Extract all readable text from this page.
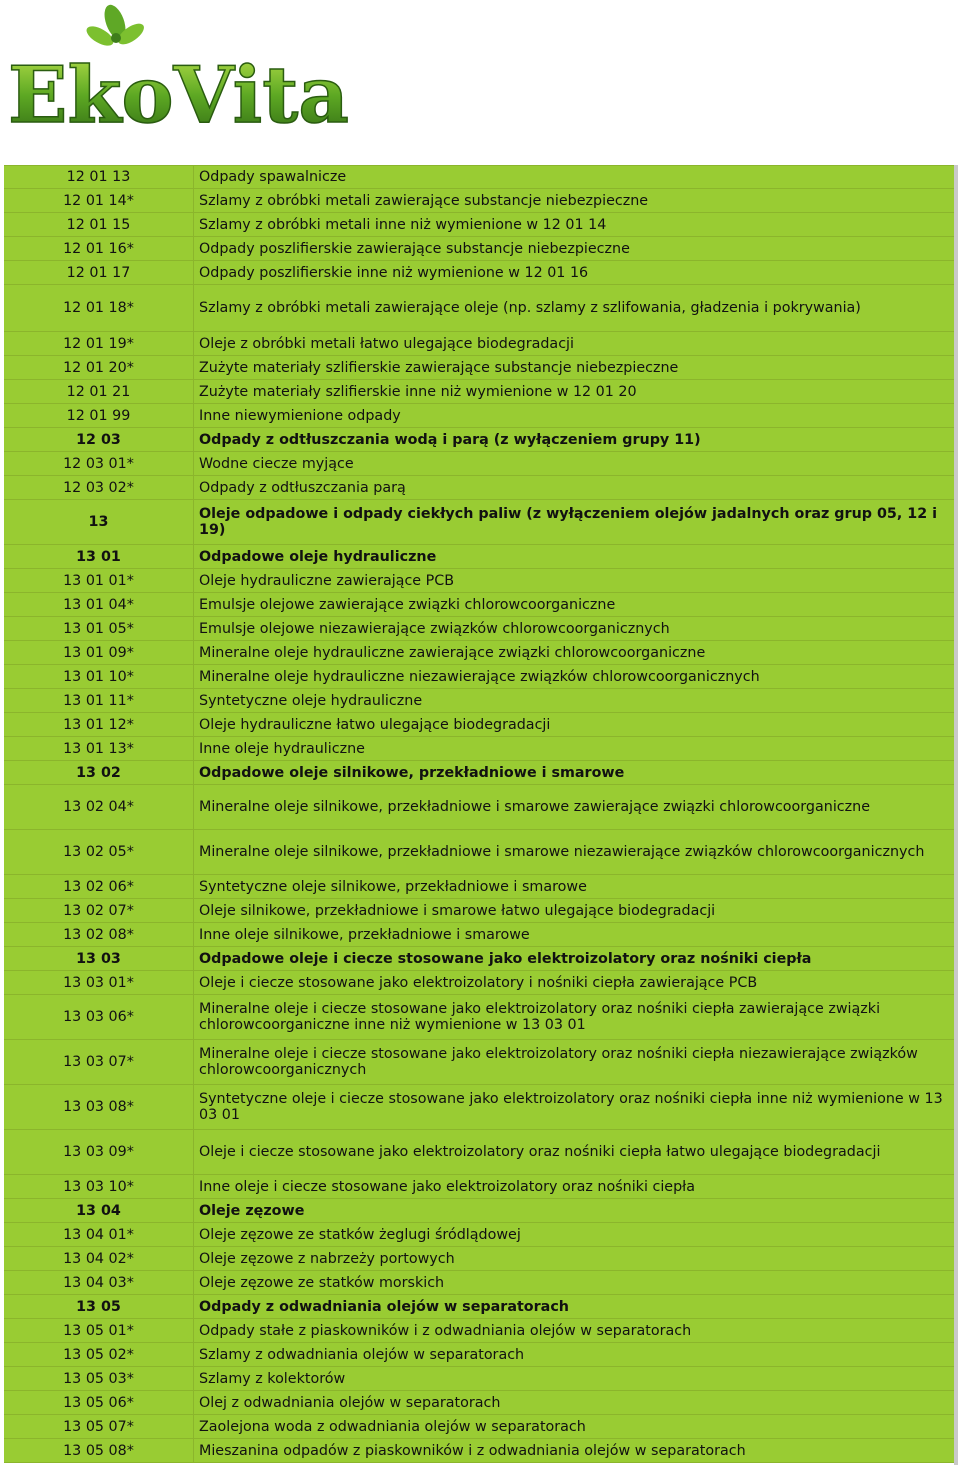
EkoVita
12 01 13	Odpady spawalnicze
12 01 14*	Szlamy z obróbki metali zawierające substancje niebezpieczne
12 01 15	Szlamy z obróbki metali inne niż wymienione w 12 01 14
12 01 16*	Odpady poszlifierskie zawierające substancje niebezpieczne
12 01 17	Odpady poszlifierskie inne niż wymienione w 12 01 16
12 01 18*	Szlamy z obróbki metali zawierające oleje (np. szlamy z szlifowania, gładzenia i pokrywania)
12 01 19*	Oleje z obróbki metali łatwo ulegające biodegradacji
12 01 20*	Zużyte materiały szlifierskie zawierające substancje niebezpieczne
12 01 21	Zużyte materiały szlifierskie inne niż wymienione w 12 01 20
12 01 99	Inne niewymienione odpady
12 03	Odpady z odtłuszczania wodą i parą (z wyłączeniem grupy 11)
12 03 01*	Wodne ciecze myjące
12 03 02*	Odpady z odtłuszczania parą
13	Oleje odpadowe i odpady ciekłych paliw (z wyłączeniem olejów jadalnych oraz grup 05, 12 i 19)
13 01	Odpadowe oleje hydrauliczne
13 01 01*	Oleje hydrauliczne zawierające PCB
13 01 04*	Emulsje olejowe zawierające związki chlorowcoorganiczne
13 01 05*	Emulsje olejowe niezawierające związków chlorowcoorganicznych
13 01 09*	Mineralne oleje hydrauliczne zawierające związki chlorowcoorganiczne
13 01 10*	Mineralne oleje hydrauliczne niezawierające związków chlorowcoorganicznych
13 01 11*	Syntetyczne oleje hydrauliczne
13 01 12*	Oleje hydrauliczne łatwo ulegające biodegradacji
13 01 13*	Inne oleje hydrauliczne
13 02	Odpadowe oleje silnikowe, przekładniowe i smarowe
13 02 04*	Mineralne oleje silnikowe, przekładniowe i smarowe zawierające związki chlorowcoorganiczne
13 02 05*	Mineralne oleje silnikowe, przekładniowe i smarowe niezawierające związków chlorowcoorganicznych
13 02 06*	Syntetyczne oleje silnikowe, przekładniowe i smarowe
13 02 07*	Oleje silnikowe, przekładniowe i smarowe łatwo ulegające biodegradacji
13 02 08*	Inne oleje silnikowe, przekładniowe i smarowe
13 03	Odpadowe oleje i ciecze stosowane jako elektroizolatory oraz nośniki ciepła
13 03 01*	Oleje i ciecze stosowane jako elektroizolatory i nośniki ciepła zawierające PCB
13 03 06*	Mineralne oleje i ciecze stosowane jako elektroizolatory oraz nośniki ciepła zawierające związki chlorowcoorganiczne inne niż wymienione w 13 03 01
13 03 07*	Mineralne oleje i ciecze stosowane jako elektroizolatory oraz nośniki ciepła niezawierające związków chlorowcoorganicznych
13 03 08*	Syntetyczne oleje i ciecze stosowane jako elektroizolatory oraz nośniki ciepła inne niż wymienione w 13 03 01
13 03 09*	Oleje i ciecze stosowane jako elektroizolatory oraz nośniki ciepła łatwo ulegające biodegradacji
13 03 10*	Inne oleje i ciecze stosowane jako elektroizolatory oraz nośniki ciepła
13 04	Oleje zęzowe
13 04 01*	Oleje zęzowe ze statków żeglugi śródlądowej
13 04 02*	Oleje zęzowe z nabrzeży portowych
13 04 03*	Oleje zęzowe ze statków morskich
13 05	Odpady z odwadniania olejów w separatorach
13 05 01*	Odpady stałe z piaskowników i z odwadniania olejów w separatorach
13 05 02*	Szlamy z odwadniania olejów w separatorach
13 05 03*	Szlamy z kolektorów
13 05 06*	Olej z odwadniania olejów w separatorach
13 05 07*	Zaolejona woda z odwadniania olejów w separatorach
13 05 08*	Mieszanina odpadów z piaskowników i z odwadniania olejów w separatorach
